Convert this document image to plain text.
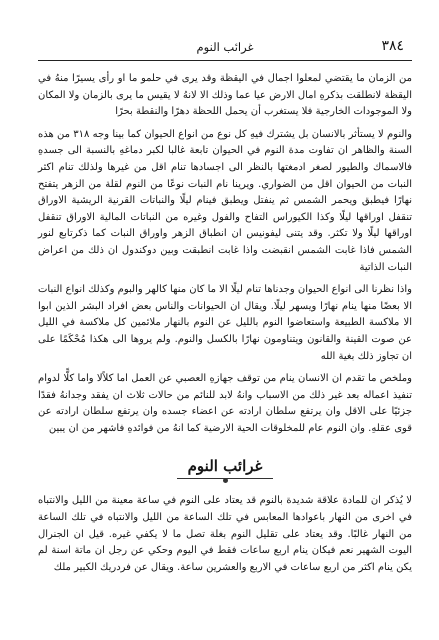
٣٨٤
غرائب النوم

من الزمان ما يقتضي لمعلوا اجمال في اليقظة وقد يرى في حلمو ما او رأى يسيرًا منهُ في اليقظة لانطلقت بذكرهِ امال الارض عيا عما وذلك الا لانهُ لا يقيس ما يرى بالزمان ولا المكان ولا الموجودات الخارجية فلا يستغرب أن يحمل اللحظة دهرًا والنقطة بحرًا

والنوم لا يستأثر بالانسان بل يشترك فيهِ كل نوع من انواع الحيوان كما بينا وجه ٣١٨ من هذه السنة والظاهر ان تفاوت مدة النوم في الحيوان تابعة غالبا لكبر دماغهِ بالنسبة الى جسدهِ فالاسماك والطيور لصغر ادمغتها بالنظر الى اجسادها تنام اقل من غيرها ولذلك تنام اكثر النبات من الحيوان اقل من الضواري. ويرينا نام النبات نوعًا من النوم لقلة من الزهر يتفتح نهارًا فيطبق ويحمر الشمس ثم ينفتل ويطبق فينام ليلًا والنباتات القرنية الريشية الاوراق تنقفل اوراقها ليلًا وكذا الكيوراس التفاح والفول وغيره من النباتات المالية الاوراق تنقفل اوراقها ليلًا ولا تكثر. وقد يتنى ليفونيس ان انطباق الزهر واوراق النبات كما ذكرتابع لنور الشمس فاذا غابت الشمس انقبضت واذا غابت انطبقت وبين دوكندول ان ذلك من اعراض النبات الذاتية

واذا نظرنا الى انواع الحيوان وجدناها تنام ليلًا الا ما كان منها كالهر والبوم وكذلك انواع النبات الا بعضًا منها ينام نهارًا ويسهر ليلًا. ويقال ان الحيوانات والناس بعض افراد البشر الذين ابوا الا ملاكسة الطبيعة واستعاضوا النوم بالليل عن النوم بالنهار ملائمين كل ملاكسة في الليل عن صوت القينة والقانون ويتناومون نهارًا بالكسل والنوم. ولم يروها الى هكذا مُحْكَمًا على ان تجاوز ذلك بغية الله

وملخص ما تقدم ان الانسان ينام من توقف جهازهِ العصبي عن العمل اما كلاًلا واما كلًّا لدوام تنفيذ اعماله بعد غير ذلك من الاسباب وانهُ لابد للنائم من حالات ثلاث ان يفقد وجدانهُ فقدًا جزئيًا على الاقل وان يرتفع سلطان ارادته عن اعضاء جسده وان يرتفع سلطان ارادته عن قوى عقلهِ. وان النوم عام للمخلوقات الحية الارضية كما انهُ من فوائدهِ فاشهر من ان يبين

غرائب النوم

لا يُذكر ان للمادة علاقة شديدة بالنوم قد يعتاد على النوم في ساعة معينة من الليل والانتباه في اخرى من النهار باعوادها المعابس في تلك الساعة من الليل والانتباه في تلك الساعة من النهار غالبًا. وقد يعتاد على تقليل النوم بغلة تصل ما لا يكفي غيره. قيل ان الجنرال اليوت الشهير نعم فيكان ينام اربع ساعات فقط في اليوم وحكي عن رجل ان ماتة اسنة لم يكن ينام اكثر من اربع ساعات في الاربع والعشرين ساعة. ويقال عن فردريك الكبير ملك
